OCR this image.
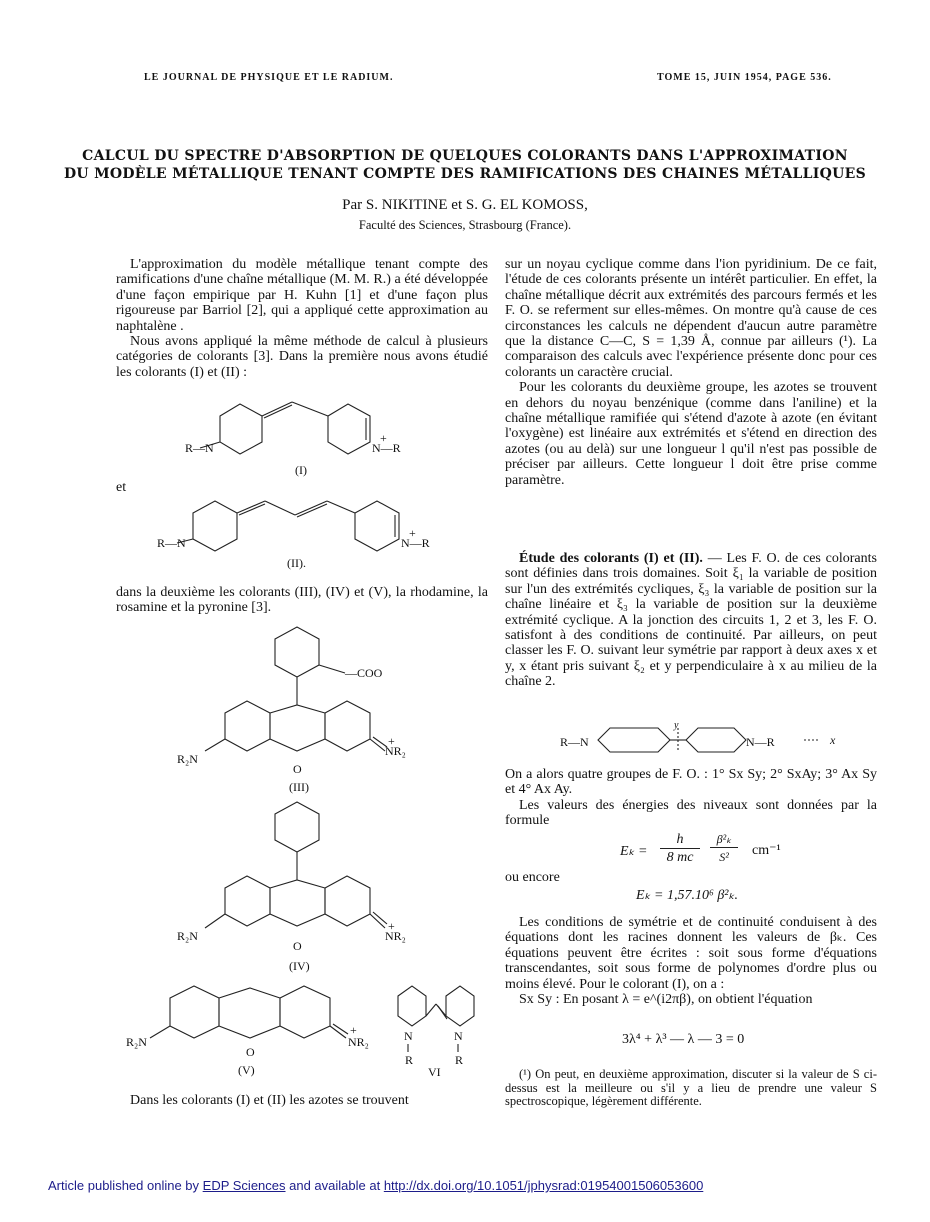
LE JOURNAL DE PHYSIQUE ET LE RADIUM.	TOME 15, JUIN 1954, PAGE 536.
CALCUL DU SPECTRE D'ABSORPTION DE QUELQUES COLORANTS DANS L'APPROXIMATION
DU MODÈLE MÉTALLIQUE TENANT COMPTE DES RAMIFICATIONS DES CHAINES MÉTALLIQUES
Par S. NIKITINE et S. G. EL KOMOSS,
Faculté des Sciences, Strasbourg (France).

L'approximation du modèle métallique tenant compte des ramifications d'une chaîne métallique (M. M. R.) a été développée d'une façon empirique par H. Kuhn [1] et d'une façon plus rigoureuse par Barriol [2], qui a appliqué cette approximation au naphtalène .

Nous avons appliqué la même méthode de calcul à plusieurs catégories de colorants [3]. Dans la première nous avons étudié les colorants (I) et (II) :

R—N	N—R
+
(I)
et
R—N	N—R
+
(II).

dans la deuxième les colorants (III), (IV) et (V), la rhodamine, la rosamine et la pyronine [3].

—COO
R₂N
O
NR₂
+
(III)
R₂N
O
NR₂
+
(IV)
R₂N
O
NR₂
+
(V)
N
R
N
R
VI

Dans les colorants (I) et (II) les azotes se trouvent

sur un noyau cyclique comme dans l'ion pyridinium. De ce fait, l'étude de ces colorants présente un intérêt particulier. En effet, la chaîne métallique décrit aux extrémités des parcours fermés et les F. O. se referment sur elles-mêmes. On montre qu'à cause de ces circonstances les calculs ne dépendent d'aucun autre paramètre que la distance C—C, S = 1,39 Å, connue par ailleurs (¹). La comparaison des calculs avec l'expérience présente donc pour ces colorants un caractère crucial.

Pour les colorants du deuxième groupe, les azotes se trouvent en dehors du noyau benzénique (comme dans l'aniline) et la chaîne métallique ramifiée qui s'étend d'azote à azote (en évitant l'oxygène) est linéaire aux extrémités et s'étend en direction des azotes (ou au delà) sur une longueur l qu'il n'est pas possible de préciser par ailleurs. Cette longueur l doit être prise comme paramètre.

Étude des colorants (I) et (II). — Les F. O. de ces colorants sont définies dans trois domaines. Soit ξ₁ la variable de position sur l'un des extrémités cycliques, ξ₃ la variable de position sur la chaîne linéaire et ξ₃ la variable de position sur la deuxième extrémité cyclique. A la jonction des circuits 1, 2 et 3, les F. O. satisfont à des conditions de continuité. Par ailleurs, on peut classer les F. O. suivant leur symétrie par rapport à deux axes x et y, x étant pris suivant ξ₂ et y perpendiculaire à x au milieu de la chaîne 2.

R—N
y
N—R	x

On a alors quatre groupes de F. O. : 1° Sx Sy; 2° SxAy; 3° Ax Sy et 4° Ax Ay.

Les valeurs des énergies des niveaux sont données par la formule

Eₖ =
h
8 mc
β²ₖ
S²	cm⁻¹
ou encore
Eₖ = 1,57.10⁶ β²ₖ.

Les conditions de symétrie et de continuité conduisent à des équations dont les racines donnent les valeurs de βₖ. Ces équations peuvent être écrites : soit sous forme d'équations transcendantes, soit sous forme de polynomes d'ordre plus ou moins élevé. Pour le colorant (I), on a :

Sx Sy : En posant λ = e^(i2πβ), on obtient l'équation

3λ⁴ + λ³ — λ — 3 = 0
(¹) On peut, en deuxième approximation, discuter si la valeur de S ci-dessus est la meilleure ou s'il y a lieu de prendre une valeur S spectroscopique, légèrement différente.
Article published online by EDP Sciences and available at http://dx.doi.org/10.1051/jphysrad:01954001506053600
